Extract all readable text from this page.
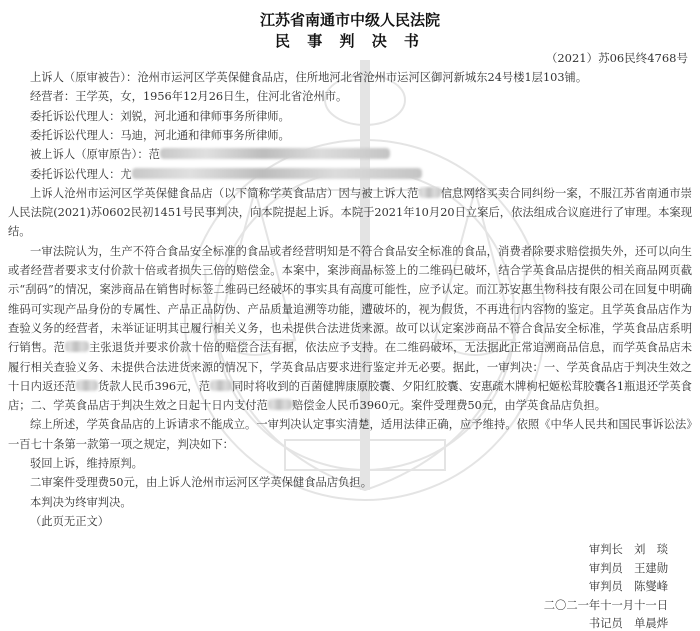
江苏省南通市中级人民法院
民 事 判 决 书
（2021）苏06民终4768号
上诉人（原审被告）：沧州市运河区学英保健食品店，住所地河北省沧州市运河区御河新城东24号楼1层103铺。
经营者：王学英，女，1956年12月26日生，住河北省沧州市。
委托诉讼代理人：刘锐，河北通和律师事务所律师。
委托诉讼代理人：马迪，河北通和律师事务所律师。
被上诉人（原审原告）：范
委托诉讼代理人：尤
上诉人沧州市运河区学英保健食品店（以下简称学英食品店）因与被上诉人范 信息网络买卖合同纠纷一案，不服江苏省南通市崇
人民法院(2021)苏0602民初1451号民事判决，向本院提起上诉。本院于2021年10月20日立案后，依法组成合议庭进行了审理。本案现
结。
一审法院认为，生产不符合食品安全标准的食品或者经营明知是不符合食品安全标准的食品，消费者除要求赔偿损失外，还可以向生
或者经营者要求支付价款十倍或者损失三倍的赔偿金。本案中，案涉商品标签上的二维码已破坏，结合学英食品店提供的相关商品网页截
示“刮码”的情况，案涉商品在销售时标签二维码已经破坏的事实具有高度可能性，应予认定。而江苏安惠生物科技有限公司在回复中明确
维码可实现产品身份的专属性、产品正品防伪、产品质量追溯等功能，遭破坏的，视为假货，不再进行内容物的鉴定。且学英食品店作为
查验义务的经营者，未举证证明其已履行相关义务，也未提供合法进货来源。故可以认定案涉商品不符合食品安全标准，学英食品店系明
行销售。范 主张退货并要求价款十倍的赔偿合法有据，依法应予支持。在二维码破坏，无法据此正常追溯商品信息，而学英食品店未
履行相关查验义务、未提供合法进货来源的情况下，学英食品店要求进行鉴定并无必要。据此，一审判决：一、学英食品店于判决生效之
十日内返还范 货款人民币396元，范 同时将收到的百菌健脾康原胶囊、夕阳红胶囊、安惠疏木牌枸杞姬松茸胶囊各1瓶退还学英食
店；二、学英食品店于判决生效之日起十日内支付范 赔偿金人民币3960元。案件受理费50元，由学英食品店负担。
综上所述，学英食品店的上诉请求不能成立。一审判决认定事实清楚，适用法律正确，应予维持。依照《中华人民共和国民事诉讼法》
一百七十条第一款第一项之规定，判决如下：
驳回上诉，维持原判。
二审案件受理费50元，由上诉人沧州市运河区学英保健食品店负担。
本判决为终审判决。
（此页无正文）
审判长　刘　琰
审判员　王建勋
审判员　陈燮峰
二〇二一年十一月十一日
书记员　单晨烨
